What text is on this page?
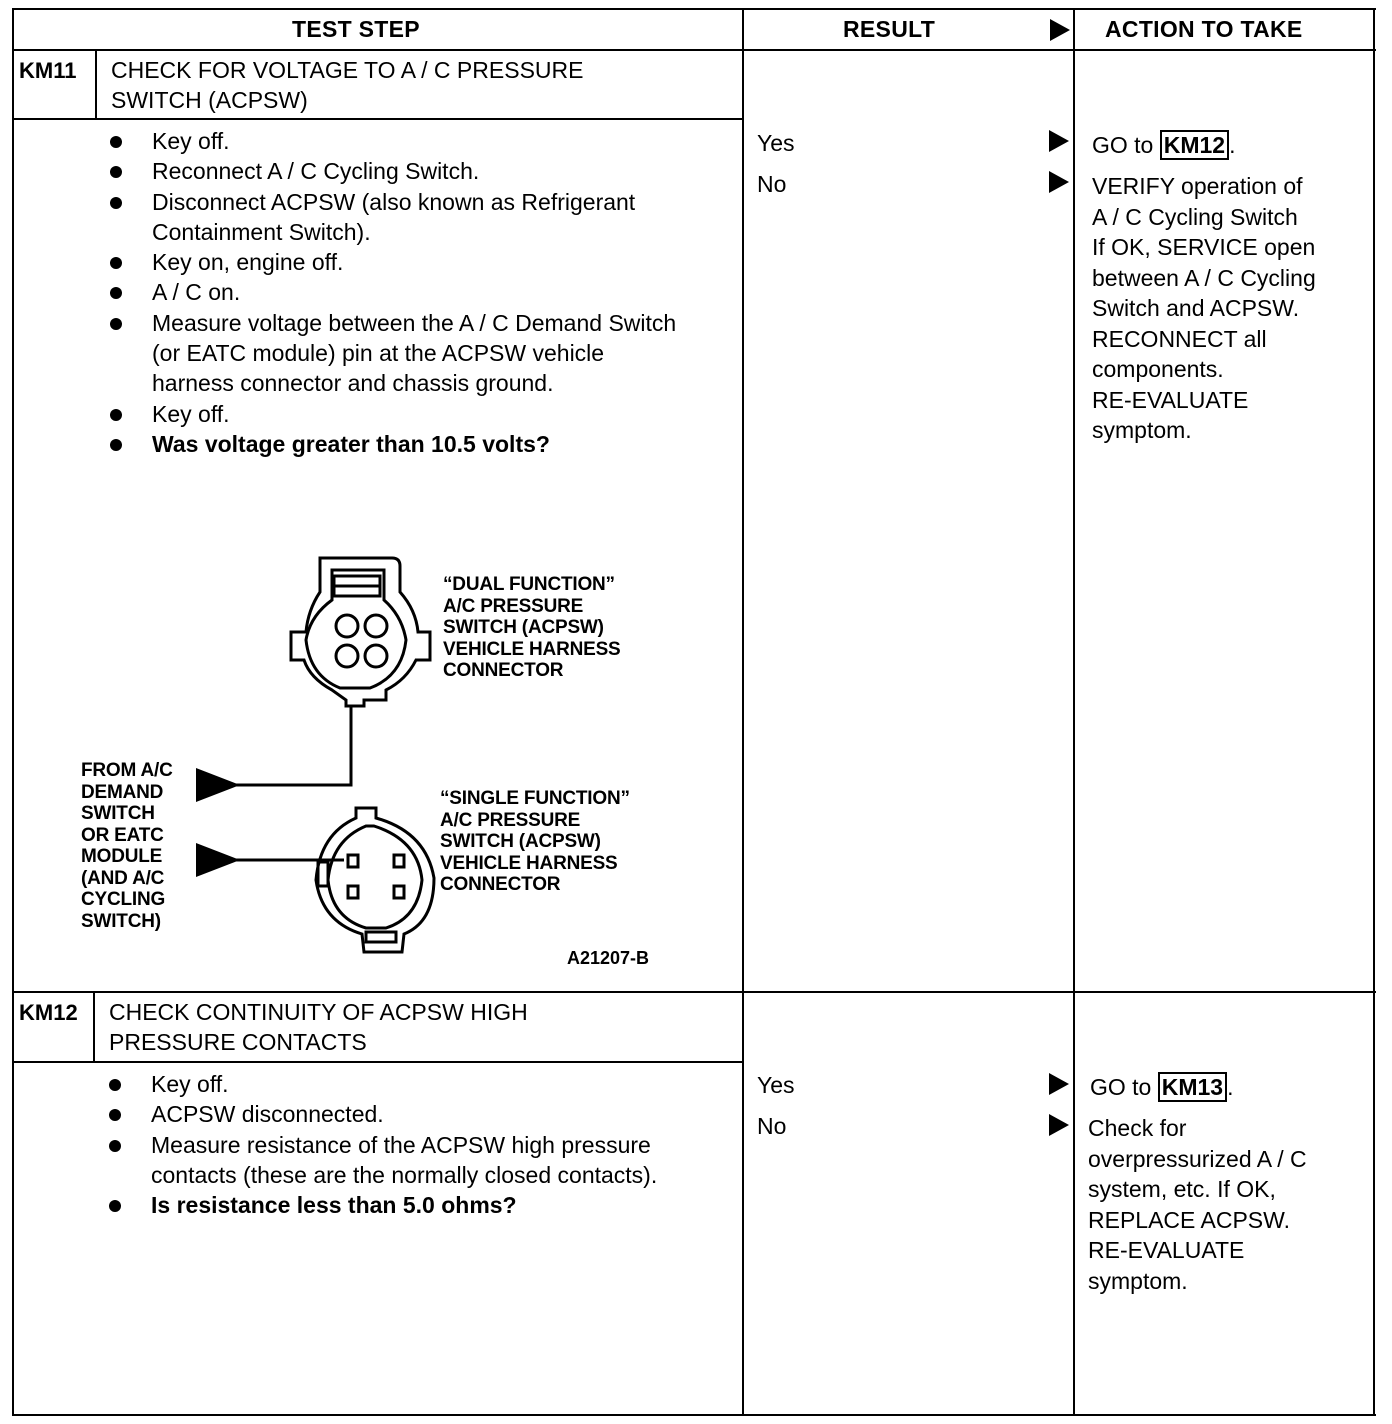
TEST STEP	RESULT	ACTION TO TAKE
KM11 CHECK FOR VOLTAGE TO A / C PRESSURE
SWITCH (ACPSW)
Key off.
Reconnect A / C Cycling Switch.
Disconnect ACPSW (also known as Refrigerant Containment Switch).
Key on, engine off.
A / C on.
Measure voltage between the A / C Demand Switch (or EATC module) pin at the ACPSW vehicle harness connector and chassis ground.
Key off.
Was voltage greater than 10.5 volts?
Yes
No
GO to KM12 .
VERIFY operation of
A / C Cycling Switch
If OK, SERVICE open
between A / C Cycling
Switch and ACPSW.
RECONNECT all
components.
RE-EVALUATE
symptom.
“DUAL FUNCTION”
A/C PRESSURE
SWITCH (ACPSW)
VEHICLE HARNESS
CONNECTOR
“SINGLE FUNCTION”
A/C PRESSURE
SWITCH (ACPSW)
VEHICLE HARNESS
CONNECTOR
FROM A/C
DEMAND
SWITCH
OR EATC
MODULE
(AND A/C
CYCLING
SWITCH)
A21207-B
KM12 CHECK CONTINUITY OF ACPSW HIGH
PRESSURE CONTACTS
Key off.
ACPSW disconnected.
Measure resistance of the ACPSW high pressure contacts (these are the normally closed contacts).
Is resistance less than 5.0 ohms?
Yes
No
GO to KM13 .
Check for
overpressurized A / C
system, etc. If OK,
REPLACE ACPSW.
RE-EVALUATE
symptom.
